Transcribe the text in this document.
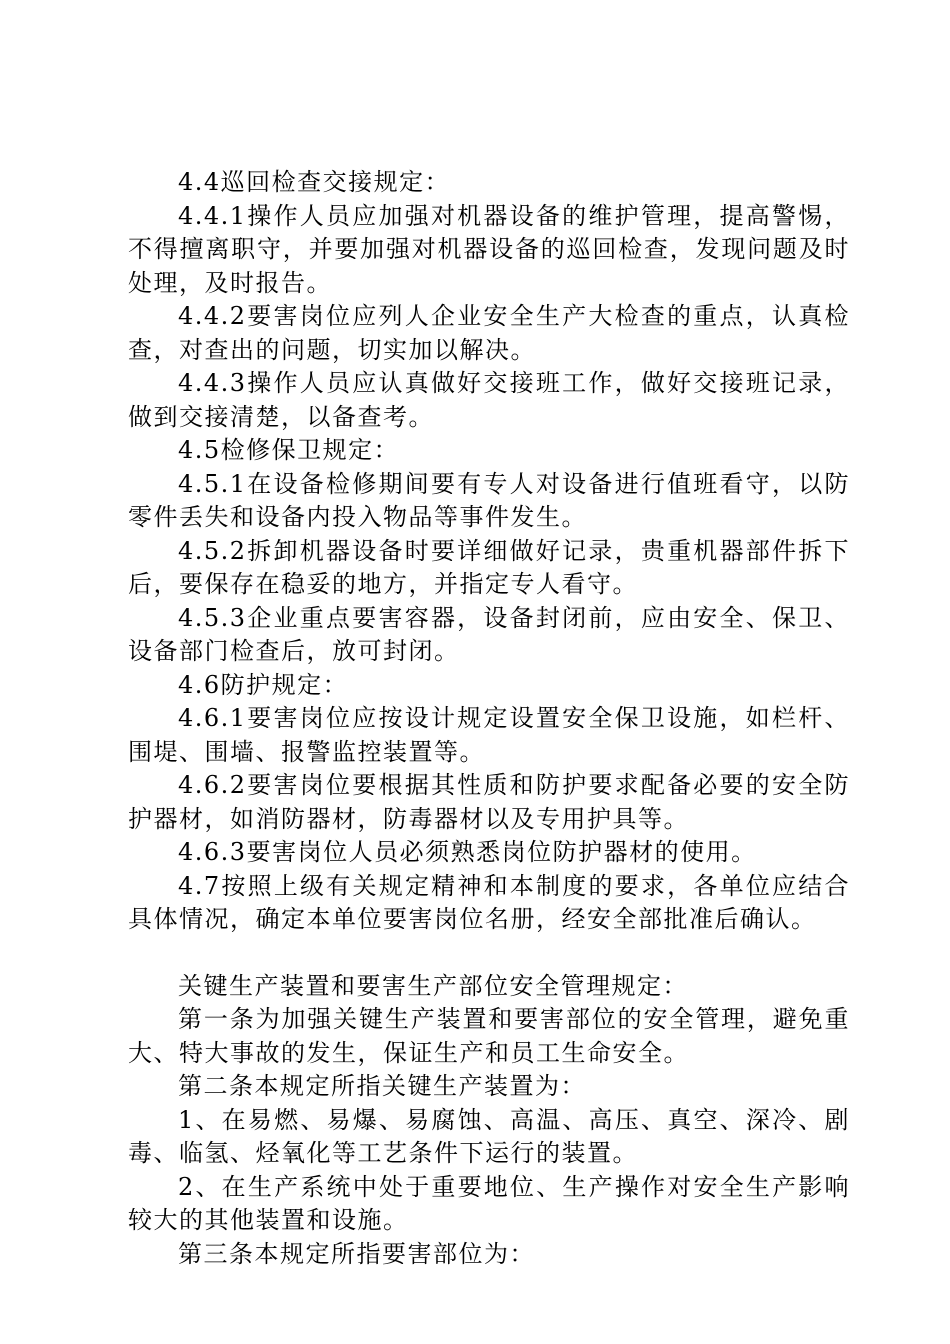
4.4巡回检查交接规定：

4.4.1操作人员应加强对机器设备的维护管理，提高警惕，不得擅离职守，并要加强对机器设备的巡回检查，发现问题及时处理，及时报告。

4.4.2要害岗位应列人企业安全生产大检查的重点，认真检查，对查出的问题，切实加以解决。

4.4.3操作人员应认真做好交接班工作，做好交接班记录，做到交接清楚，以备查考。

4.5检修保卫规定：

4.5.1在设备检修期间要有专人对设备进行值班看守，以防零件丢失和设备内投入物品等事件发生。

4.5.2拆卸机器设备时要详细做好记录，贵重机器部件拆下后，要保存在稳妥的地方，并指定专人看守。

4.5.3企业重点要害容器，设备封闭前，应由安全、保卫、设备部门检查后，放可封闭。

4.6防护规定：

4.6.1要害岗位应按设计规定设置安全保卫设施，如栏杆、围堤、围墙、报警监控装置等。

4.6.2要害岗位要根据其性质和防护要求配备必要的安全防护器材，如消防器材，防毒器材以及专用护具等。

4.6.3要害岗位人员必须熟悉岗位防护器材的使用。

4.7按照上级有关规定精神和本制度的要求，各单位应结合具体情况，确定本单位要害岗位名册，经安全部批准后确认。

关键生产装置和要害生产部位安全管理规定：

第一条为加强关键生产装置和要害部位的安全管理，避免重大、特大事故的发生，保证生产和员工生命安全。

第二条本规定所指关键生产装置为：

1、在易燃、易爆、易腐蚀、高温、高压、真空、深冷、剧毒、临氢、烃氧化等工艺条件下运行的装置。

2、在生产系统中处于重要地位、生产操作对安全生产影响较大的其他装置和设施。

第三条本规定所指要害部位为：
